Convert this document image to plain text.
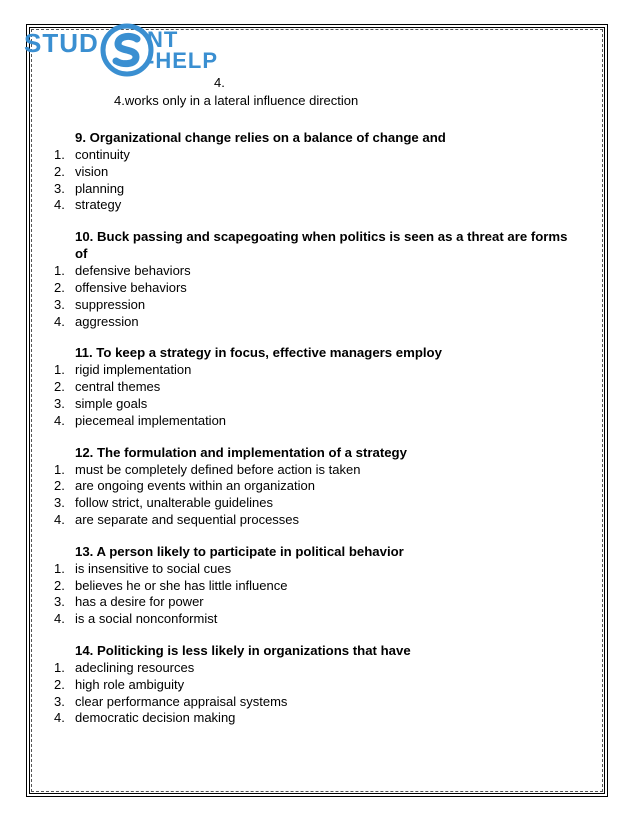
STUD NT
-HELP
4.
4.works only in a lateral influence direction
9. Organizational change relies on a balance of change and
1. continuity
2. vision
3. planning
4. strategy
10. Buck passing and scapegoating when politics is seen as a threat are forms of
1. defensive behaviors
2. offensive behaviors
3. suppression
4. aggression
11. To keep a strategy in focus, effective managers employ
1. rigid implementation
2. central themes
3. simple goals
4. piecemeal implementation
12. The formulation and implementation of a strategy
1. must be completely defined before action is taken
2. are ongoing events within an organization
3. follow strict, unalterable guidelines
4. are separate and sequential processes
13. A person likely to participate in political behavior
1. is insensitive to social cues
2. believes he or she has little influence
3. has a desire for power
4. is a social nonconformist
14. Politicking is less likely in organizations that have
1. adeclining resources
2. high role ambiguity
3. clear performance appraisal systems
4. democratic decision making
